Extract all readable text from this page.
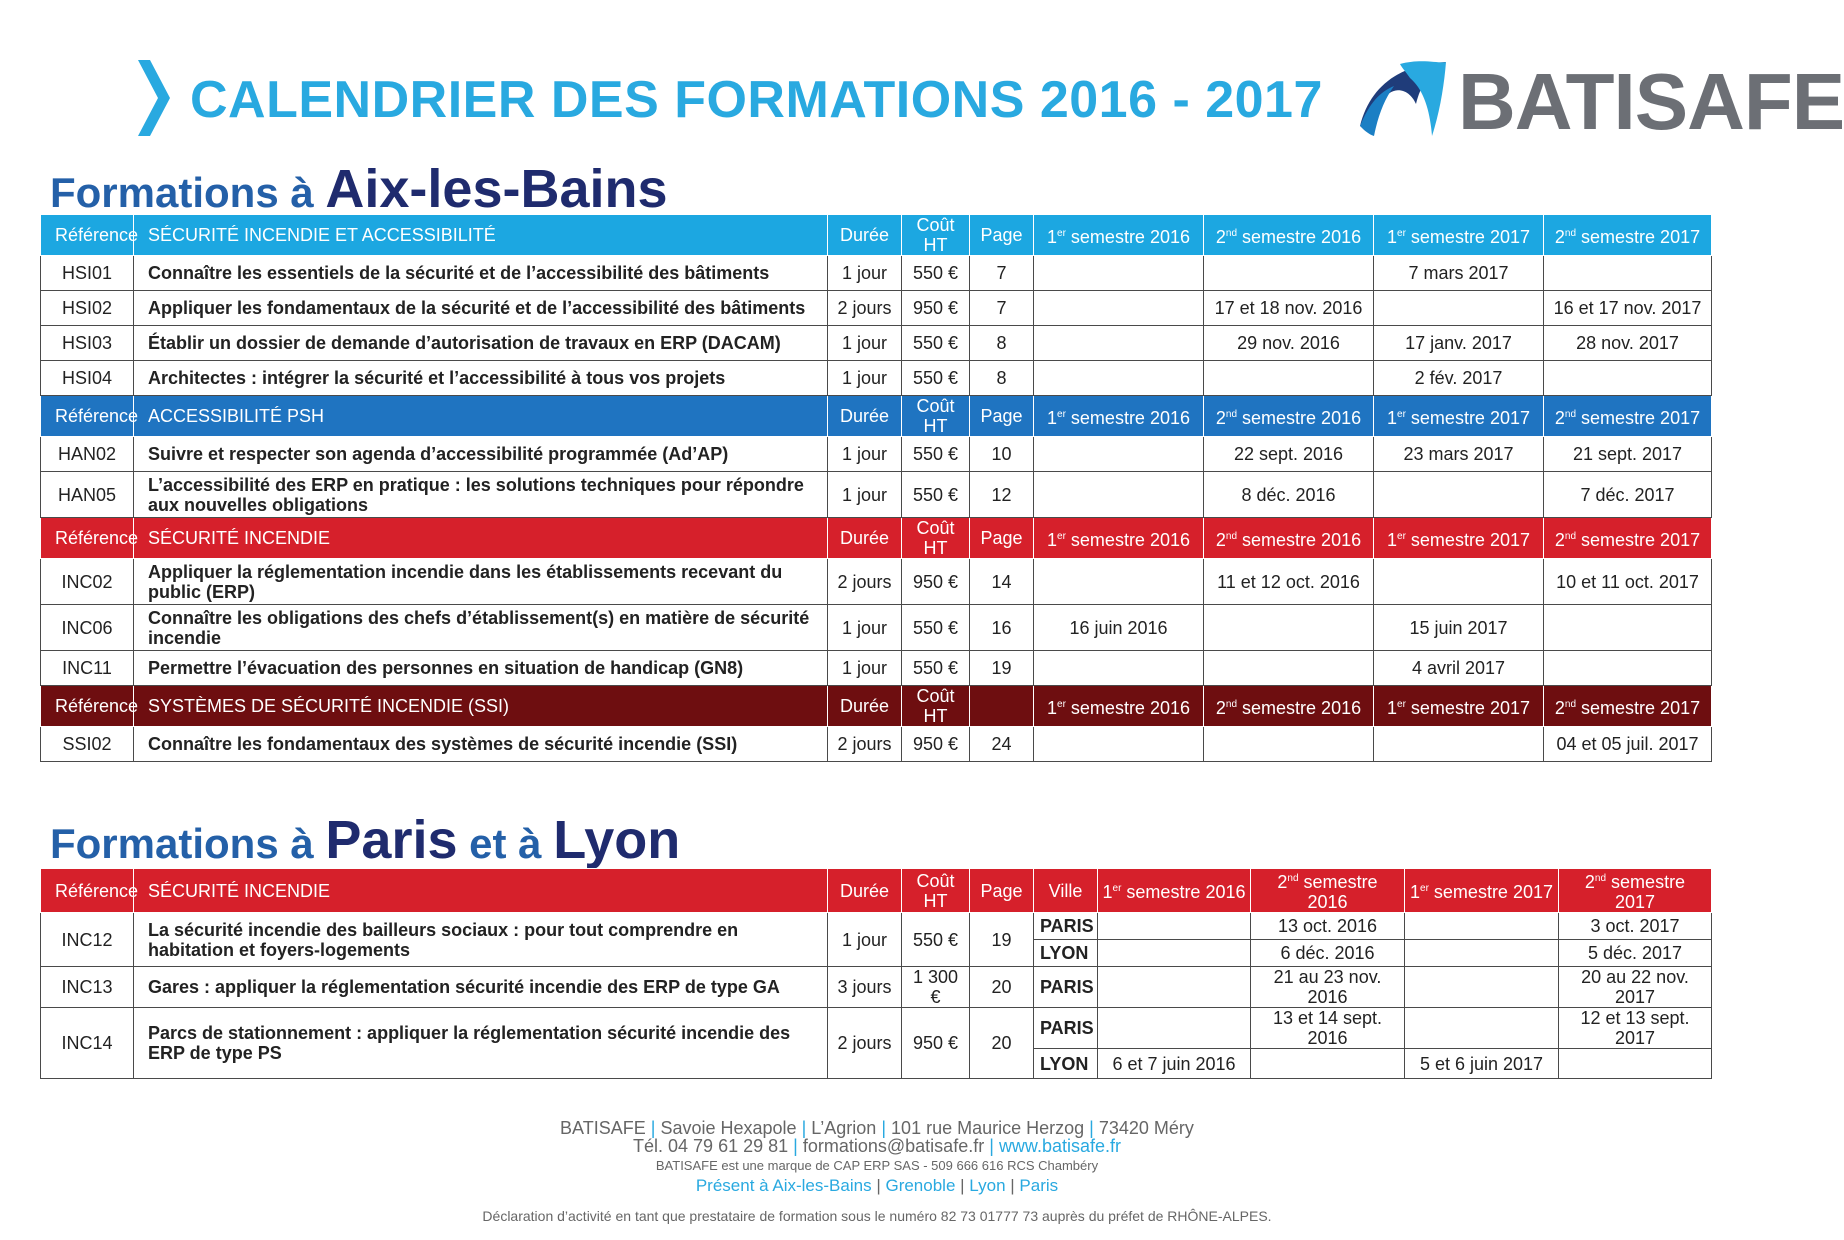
CALENDRIER DES FORMATIONS 2016 - 2017 BATISAFE
Formations à Aix-les-Bains
Référence	SÉCURITÉ INCENDIE ET ACCESSIBILITÉ	Durée	Coût HT	Page	1er semestre 2016	2nd semestre 2016	1er semestre 2017	2nd semestre 2017
HSI01	Connaître les essentiels de la sécurité et de l’accessibilité des bâtiments	1 jour	550 €	7			7 mars 2017	
HSI02	Appliquer les fondamentaux de la sécurité et de l’accessibilité des bâtiments	2 jours	950 €	7		17 et 18 nov. 2016		16 et 17 nov. 2017
HSI03	Établir un dossier de demande d’autorisation de travaux en ERP (DACAM)	1 jour	550 €	8		29 nov. 2016	17 janv. 2017	28 nov. 2017
HSI04	Architectes : intégrer la sécurité et l’accessibilité à tous vos projets	1 jour	550 €	8			2 fév. 2017	
Référence	ACCESSIBILITÉ PSH	Durée	Coût HT	Page	1er semestre 2016	2nd semestre 2016	1er semestre 2017	2nd semestre 2017
HAN02	Suivre et respecter son agenda d’accessibilité programmée (Ad’AP)	1 jour	550 €	10		22 sept. 2016	23 mars 2017	21 sept. 2017
HAN05	L’accessibilité des ERP en pratique : les solutions techniques pour répondre aux nouvelles obligations	1 jour	550 €	12		8 déc. 2016		7 déc. 2017
Référence	SÉCURITÉ INCENDIE	Durée	Coût HT	Page	1er semestre 2016	2nd semestre 2016	1er semestre 2017	2nd semestre 2017
INC02	Appliquer la réglementation incendie dans les établissements recevant du public (ERP)	2 jours	950 €	14		11 et 12 oct. 2016		10 et 11 oct. 2017
INC06	Connaître les obligations des chefs d’établissement(s) en matière de sécurité incendie	1 jour	550 €	16	16 juin 2016		15 juin 2017	
INC11	Permettre l’évacuation des personnes en situation de handicap (GN8)	1 jour	550 €	19			4 avril 2017	
Référence	SYSTÈMES DE SÉCURITÉ INCENDIE (SSI)	Durée	Coût HT		1er semestre 2016	2nd semestre 2016	1er semestre 2017	2nd semestre 2017
SSI02	Connaître les fondamentaux des systèmes de sécurité incendie (SSI)	2 jours	950 €	24				04 et 05 juil. 2017
Formations à Paris et à Lyon
Référence	SÉCURITÉ INCENDIE	Durée	Coût HT	Page	Ville	1er semestre 2016	2nd semestre 2016	1er semestre 2017	2nd semestre 2017
INC12	La sécurité incendie des bailleurs sociaux : pour tout comprendre en habitation et foyers-logements	1 jour	550 €	19	PARIS		13 oct. 2016		3 oct. 2017
					LYON		6 déc. 2016		5 déc. 2017
INC13	Gares : appliquer la réglementation sécurité incendie des ERP de type GA	3 jours	1 300 €	20	PARIS		21 au 23 nov. 2016		20 au 22 nov. 2017
INC14	Parcs de stationnement : appliquer la réglementation sécurité incendie des ERP de type PS	2 jours	950 €	20	PARIS		13 et 14 sept. 2016		12 et 13 sept. 2017
					LYON	6 et 7 juin 2016		5 et 6 juin 2017	
BATISAFE | Savoie Hexapole | L’Agrion | 101 rue Maurice Herzog | 73420 Méry
Tél. 04 79 61 29 81 | formations@batisafe.fr | www.batisafe.fr
BATISAFE est une marque de CAP ERP SAS - 509 666 616 RCS Chambéry
Présent à Aix-les-Bains | Grenoble | Lyon | Paris
Déclaration d’activité en tant que prestataire de formation sous le numéro 82 73 01777 73 auprès du préfet de RHÔNE-ALPES.
